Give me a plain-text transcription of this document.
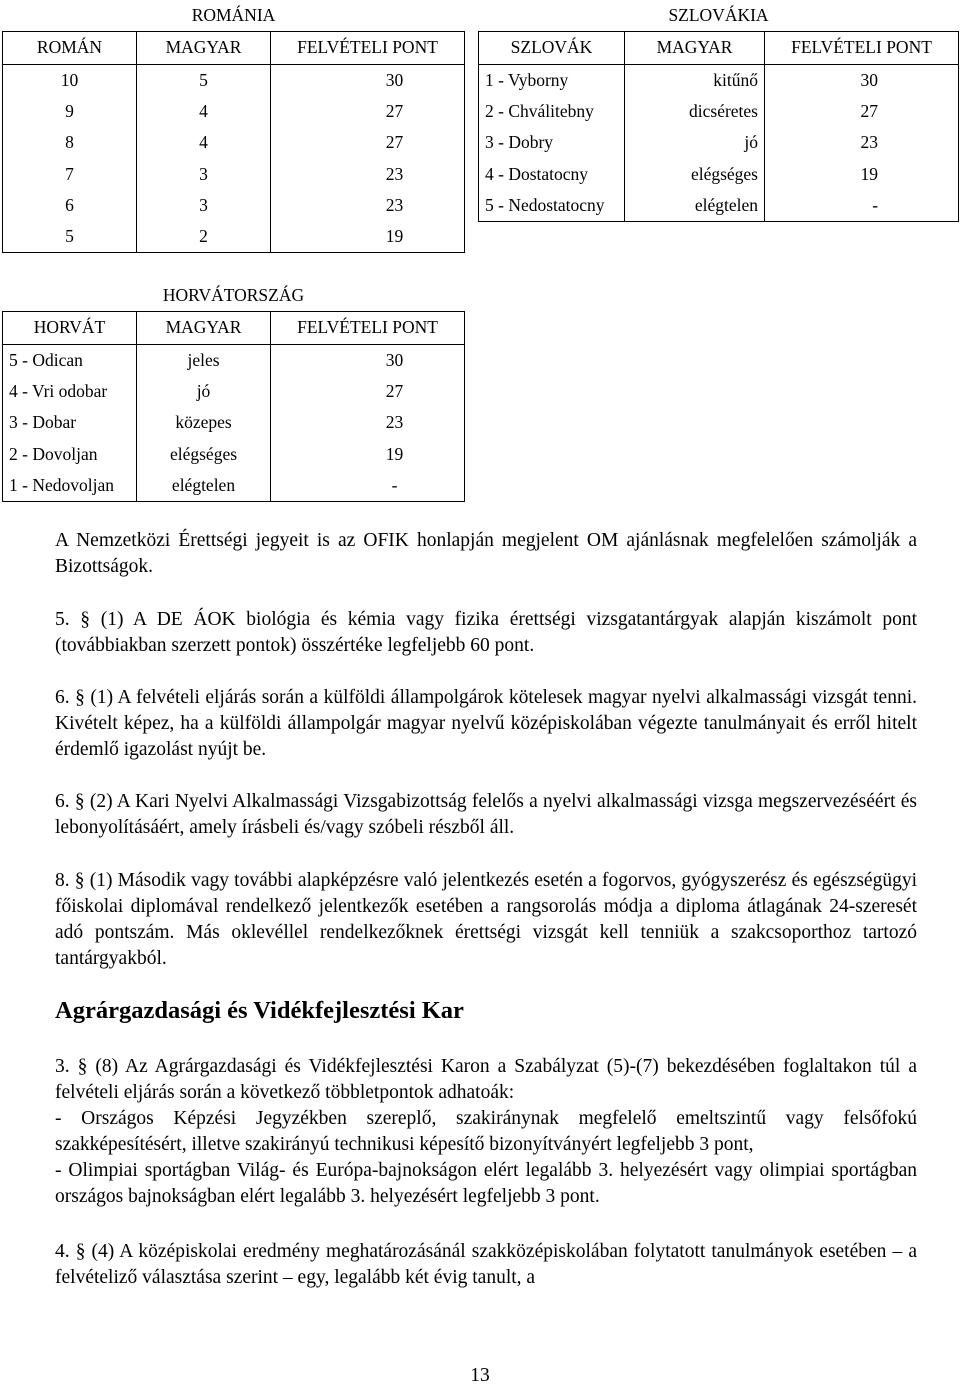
ROMÁNIA		
ROMÁN	MAGYAR	FELVÉTELI PONT
10	5	30
9	4	27
8	4	27
7	3	23
6	3	23
5	2	19
SZLOVÁKIA		
SZLOVÁK	MAGYAR	FELVÉTELI PONT
1 - Vyborny	kitűnő	30
2 - Chválitebny	dicséretes	27
3 - Dobry	jó	23
4 - Dostatocny	elégséges	19
5 - Nedostatocny	elégtelen	-
HORVÁTORSZÁG		
HORVÁT	MAGYAR	FELVÉTELI PONT
5 - Odican	jeles	30
4 - Vri odobar	jó	27
3 - Dobar	közepes	23
2 - Dovoljan	elégséges	19
1 - Nedovoljan	elégtelen	-

A Nemzetközi Érettségi jegyeit is az OFIK honlapján megjelent OM ajánlásnak megfelelően számolják a Bizottságok.

5. § (1) A DE ÁOK biológia és kémia vagy fizika érettségi vizsgatantárgyak alapján kiszámolt pont (továbbiakban szerzett pontok) összértéke legfeljebb 60 pont.

6. § (1) A felvételi eljárás során a külföldi állampolgárok kötelesek magyar nyelvi alkalmassági vizsgát tenni. Kivételt képez, ha a külföldi állampolgár magyar nyelvű középiskolában végezte tanulmányait és erről hitelt érdemlő igazolást nyújt be.

6. § (2) A Kari Nyelvi Alkalmassági Vizsgabizottság felelős a nyelvi alkalmassági vizsga megszervezéséért és lebonyolításáért, amely írásbeli és/vagy szóbeli részből áll.

8. § (1) Második vagy további alapképzésre való jelentkezés esetén a fogorvos, gyógyszerész és egészségügyi főiskolai diplomával rendelkező jelentkezők esetében a rangsorolás módja a diploma átlagának 24-szeresét adó pontszám. Más oklevéllel rendelkezőknek érettségi vizsgát kell tenniük a szakcsoporthoz tartozó tantárgyakból.

Agrárgazdasági és Vidékfejlesztési Kar
3. § (8) Az Agrárgazdasági és Vidékfejlesztési Karon a Szabályzat (5)-(7) bekezdésében foglaltakon túl a felvételi eljárás során a következő többletpontok adhatoák:
- Országos Képzési Jegyzékben szereplő, szakiránynak megfelelő emeltszintű vagy felsőfokú szakképesítésért, illetve szakirányú technikusi képesítő bizonyítványért legfeljebb 3 pont,
- Olimpiai sportágban Világ- és Európa-bajnokságon elért legalább 3. helyezésért vagy olimpiai sportágban országos bajnokságban elért legalább 3. helyezésért legfeljebb 3 pont.

4. § (4) A középiskolai eredmény meghatározásánál szakközépiskolában folytatott tanulmányok esetében – a felvételiző választása szerint – egy, legalább két évig tanult, a

13
